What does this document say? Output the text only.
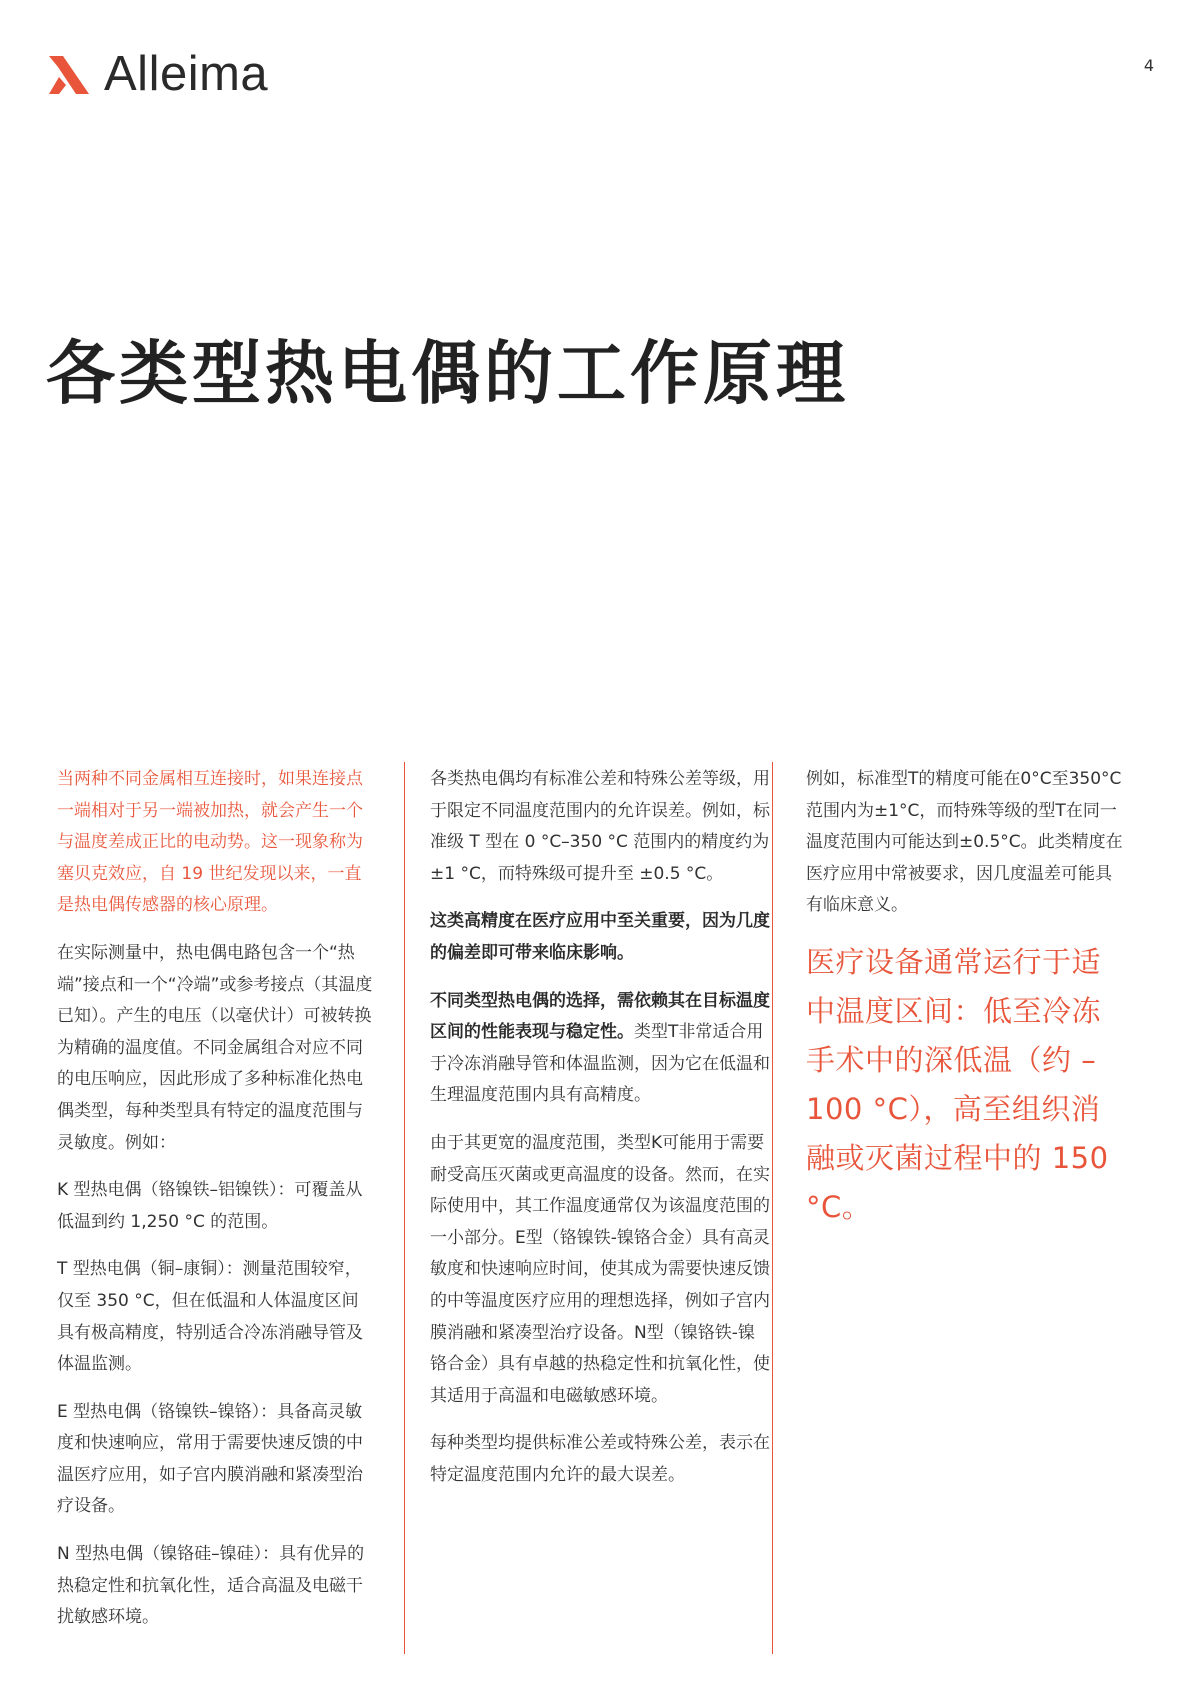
Alleima	4
各类型热电偶的工作原理

当两种不同金属相互连接时，如果连接点一端相对于另一端被加热，就会产生一个与温度差成正比的电动势。这一现象称为塞贝克效应，自 19 世纪发现以来，一直是热电偶传感器的核心原理。

在实际测量中，热电偶电路包含一个“热端”接点和一个“冷端”或参考接点（其温度已知）。产生的电压（以毫伏计）可被转换为精确的温度值。不同金属组合对应不同的电压响应，因此形成了多种标准化热电偶类型，每种类型具有特定的温度范围与灵敏度。例如：

K 型热电偶（铬镍铁–铝镍铁）：可覆盖从低温到约 1,250 °C 的范围。

T 型热电偶（铜–康铜）：测量范围较窄，仅至 350 °C，但在低温和人体温度区间具有极高精度，特别适合冷冻消融导管及体温监测。

E 型热电偶（铬镍铁–镍铬）：具备高灵敏度和快速响应，常用于需要快速反馈的中温医疗应用，如子宫内膜消融和紧凑型治疗设备。

N 型热电偶（镍铬硅–镍硅）：具有优异的热稳定性和抗氧化性，适合高温及电磁干扰敏感环境。

各类热电偶均有标准公差和特殊公差等级，用于限定不同温度范围内的允许误差。例如，标准级 T 型在 0 °C–350 °C 范围内的精度约为 ±1 °C，而特殊级可提升至 ±0.5 °C。

这类高精度在医疗应用中至关重要，因为几度的偏差即可带来临床影响。

不同类型热电偶的选择，需依赖其在目标温度区间的性能表现与稳定性。类型T非常适合用于冷冻消融导管和体温监测，因为它在低温和生理温度范围内具有高精度。

由于其更宽的温度范围，类型K可能用于需要耐受高压灭菌或更高温度的设备。然而，在实际使用中，其工作温度通常仅为该温度范围的一小部分。E型（铬镍铁-镍铬合金）具有高灵敏度和快速响应时间，使其成为需要快速反馈的中等温度医疗应用的理想选择，例如子宫内膜消融和紧凑型治疗设备。N型（镍铬铁-镍铬合金）具有卓越的热稳定性和抗氧化性，使其适用于高温和电磁敏感环境。

每种类型均提供标准公差或特殊公差，表示在特定温度范围内允许的最大误差。

例如，标准型T的精度可能在0°C至350°C范围内为±1°C，而特殊等级的型T在同一温度范围内可能达到±0.5°C。此类精度在医疗应用中常被要求，因几度温差可能具有临床意义。

医疗设备通常运行于适中温度区间：低至冷冻手术中的深低温（约 –100 °C），高至组织消融或灭菌过程中的 150 °C。
